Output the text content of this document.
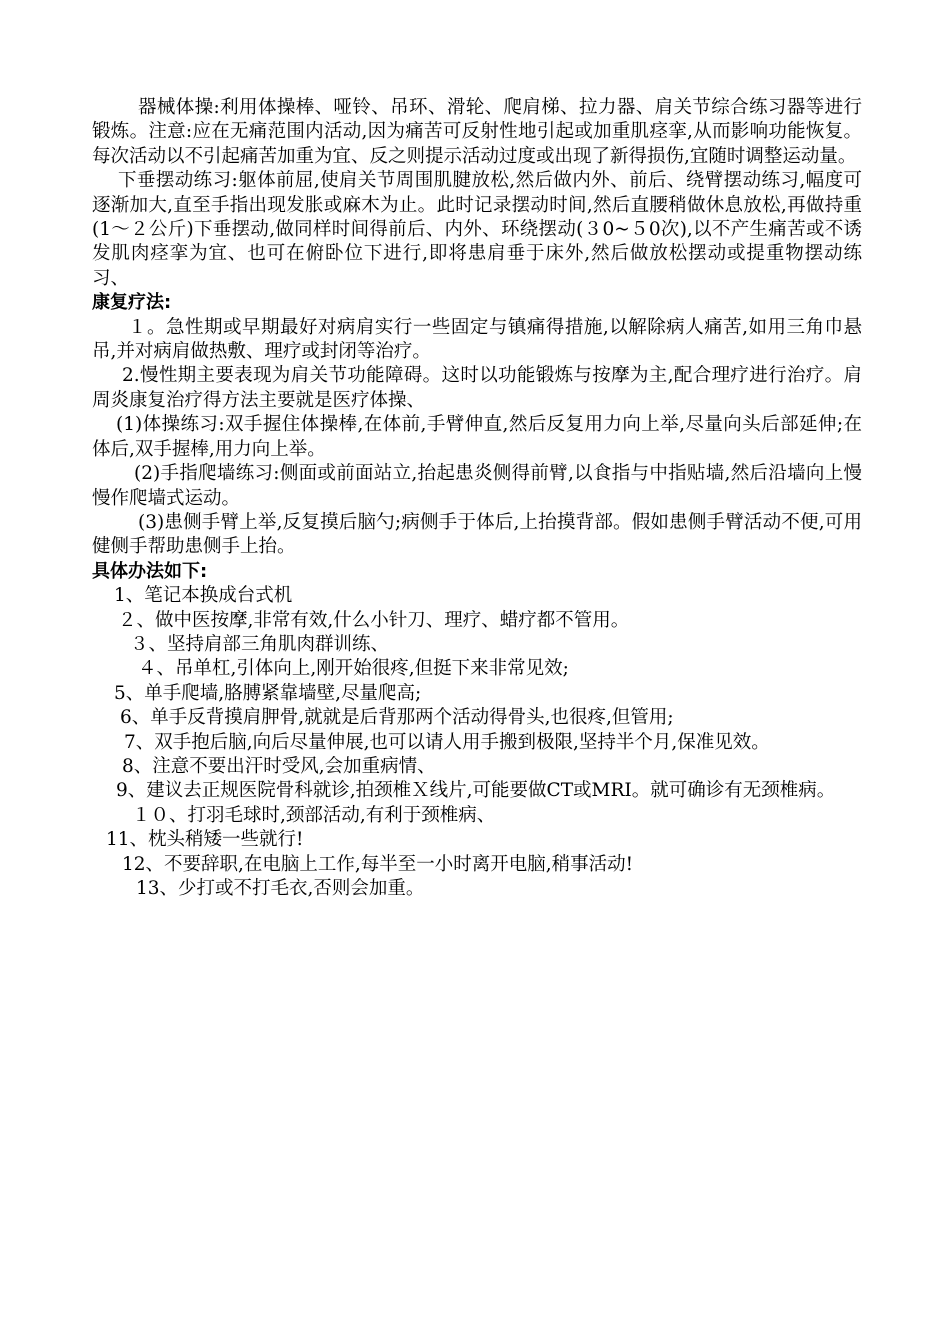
器械体操:利用体操棒、哑铃、吊环、滑轮、爬肩梯、拉力器、肩关节综合练习器等进行锻炼。注意:应在无痛范围内活动,因为痛苦可反射性地引起或加重肌痉挛,从而影响功能恢复。每次活动以不引起痛苦加重为宜、反之则提示活动过度或出现了新得损伤,宜随时调整运动量。

下垂摆动练习:躯体前屈,使肩关节周围肌腱放松,然后做内外、前后、绕臂摆动练习,幅度可逐渐加大,直至手指出现发胀或麻木为止。此时记录摆动时间,然后直腰稍做休息放松,再做持重(1～２公斤)下垂摆动,做同样时间得前后、内外、环绕摆动(３0~５0次),以不产生痛苦或不诱发肌肉痉挛为宜、也可在俯卧位下进行,即将患肩垂于床外,然后做放松摆动或提重物摆动练习、

康复疗法:

１。急性期或早期最好对病肩实行一些固定与镇痛得措施,以解除病人痛苦,如用三角巾悬吊,并对病肩做热敷、理疗或封闭等治疗。

2.慢性期主要表现为肩关节功能障碍。这时以功能锻炼与按摩为主,配合理疗进行治疗。肩周炎康复治疗得方法主要就是医疗体操、

(1)体操练习:双手握住体操棒,在体前,手臂伸直,然后反复用力向上举,尽量向头后部延伸;在体后,双手握棒,用力向上举。

(2)手指爬墙练习:侧面或前面站立,抬起患炎侧得前臂,以食指与中指贴墙,然后沿墙向上慢慢作爬墙式运动。

(3)患侧手臂上举,反复摸后脑勺;病侧手于体后,上抬摸背部。假如患侧手臂活动不便,可用健侧手帮助患侧手上抬。

具体办法如下:

1、笔记本换成台式机

２、做中医按摩,非常有效,什么小针刀、理疗、蜡疗都不管用。

３、坚持肩部三角肌肉群训练、

４、吊单杠,引体向上,刚开始很疼,但挺下来非常见效;

5、单手爬墙,胳膊紧靠墙壁,尽量爬高;

6、单手反背摸肩胛骨,就就是后背那两个活动得骨头,也很疼,但管用;

7、双手抱后脑,向后尽量伸展,也可以请人用手搬到极限,坚持半个月,保准见效。

8、注意不要出汗时受风,会加重病情、

9、建议去正规医院骨科就诊,拍颈椎Ｘ线片,可能要做CT或MRI。就可确诊有无颈椎病。

１０、打羽毛球时,颈部活动,有利于颈椎病、

11、枕头稍矮一些就行!

12、不要辞职,在电脑上工作,每半至一小时离开电脑,稍事活动!

13、少打或不打毛衣,否则会加重。
